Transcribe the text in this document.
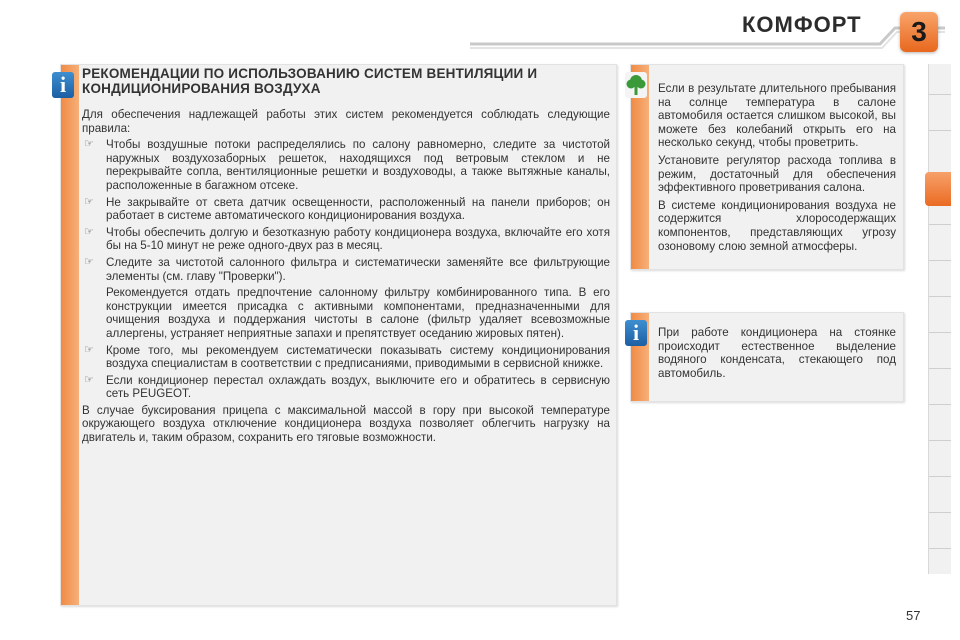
КОМФОРТ	3
i	РЕКОМЕНДАЦИИ ПО ИСПОЛЬЗОВАНИЮ СИСТЕМ ВЕНТИЛЯЦИИ И КОНДИЦИОНИРОВАНИЯ ВОЗДУХА

Для обеспечения надлежащей работы этих систем рекомендуется соблюдать следующие правила:

☞ Чтобы воздушные потоки распределялись по салону равномерно, следите за чистотой наружных воздухозаборных решеток, находящихся под ветровым стеклом и не перекрывайте сопла, вентиляционные решетки и воздуховоды, а также вытяжные каналы, расположенные в багажном отсеке.
☞ Не закрывайте от света датчик освещенности, расположенный на панели приборов; он работает в системе автоматического кондиционирования воздуха.
☞ Чтобы обеспечить долгую и безотказную работу кондиционера воздуха, включайте его хотя бы на 5-10 минут не реже одного-двух раз в месяц.
☞ Следите за чистотой салонного фильтра и систематически заменяйте все фильтрующие элементы (см. главу "Проверки").
Рекомендуется отдать предпочтение салонному фильтру комбинированного типа. В его конструкции имеется присадка с активными компонентами, предназначенными для очищения воздуха и поддержания чистоты в салоне (фильтр удаляет всевозможные аллергены, устраняет неприятные запахи и препятствует оседанию жировых пятен).
☞ Кроме того, мы рекомендуем систематически показывать систему кондиционирования воздуха специалистам в соответствии с предписаниями, приводимыми в сервисной книжке.
☞ Если кондиционер перестал охлаждать воздух, выключите его и обратитесь в сервисную сеть PEUGEOT.

В случае буксирования прицепа с максимальной массой в гору при высокой температуре окружающего воздуха отключение кондиционера воздуха позволяет облегчить нагрузку на двигатель и, таким образом, сохранить его тяговые возможности.

Если в результате длительного пребывания на солнце температура в салоне автомобиля остается слишком высокой, вы можете без колебаний открыть его на несколько секунд, чтобы проветрить.

Установите регулятор расхода топлива в режим, достаточный для обеспечения эффективного проветривания салона.

В системе кондиционирования воздуха не содержится хлоросодержащих компонентов, представляющих угрозу озоновому слою земной атмосферы.

i	При работе кондиционера на стоянке происходит естественное выделение водяного конденсата, стекающего под автомобиль.

57
